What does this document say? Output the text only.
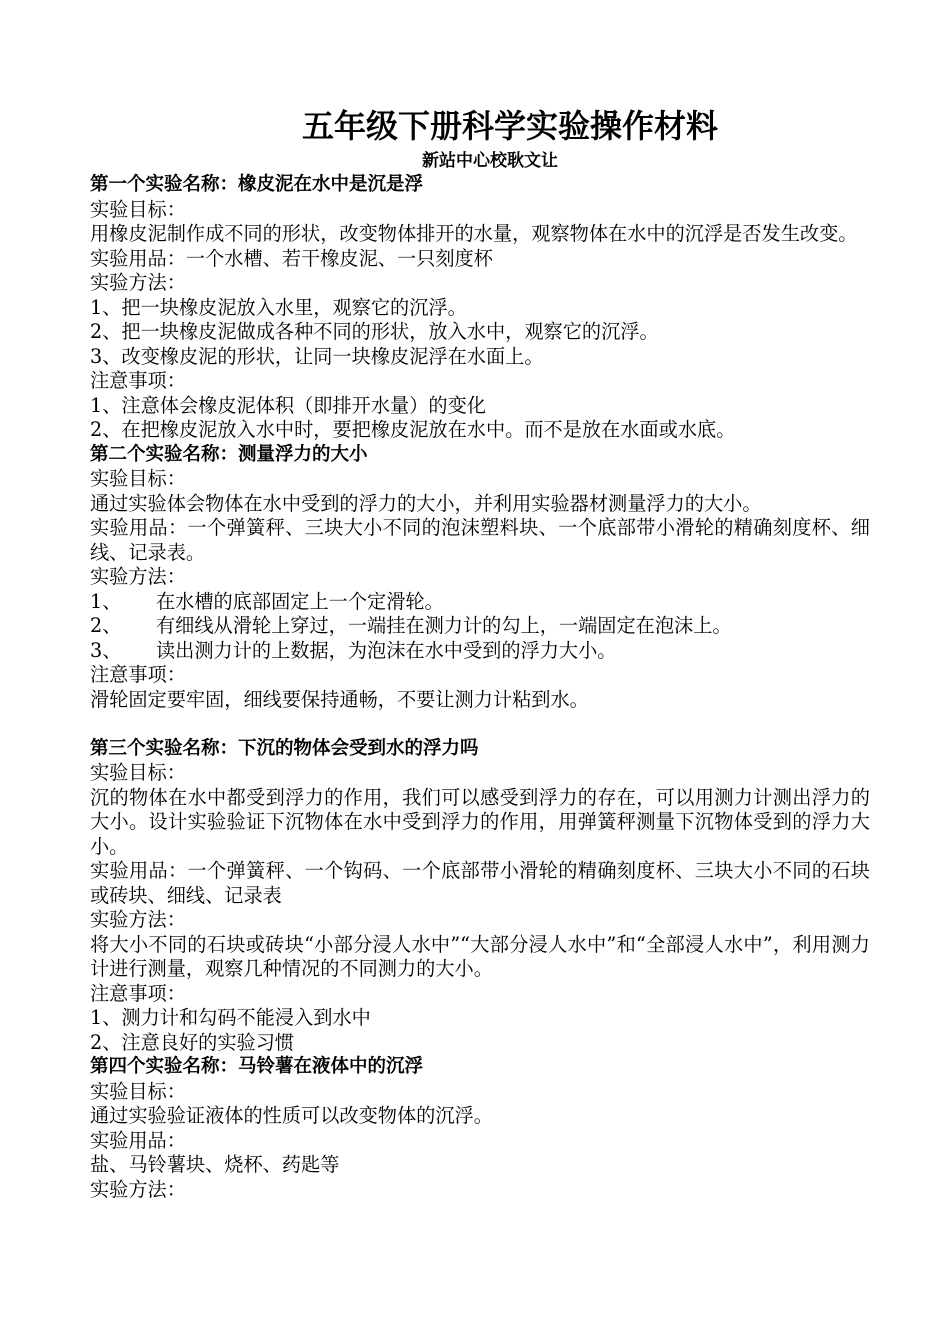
五年级下册科学实验操作材料
新站中心校耿文让
第一个实验名称：橡皮泥在水中是沉是浮
实验目标：
用橡皮泥制作成不同的形状，改变物体排开的水量，观察物体在水中的沉浮是否发生改变。
实验用品：一个水槽、若干橡皮泥、一只刻度杯
实验方法：
1、把一块橡皮泥放入水里，观察它的沉浮。
2、把一块橡皮泥做成各种不同的形状，放入水中，观察它的沉浮。
3、改变橡皮泥的形状，让同一块橡皮泥浮在水面上。
注意事项：
1、注意体会橡皮泥体积（即排开水量）的变化
2、在把橡皮泥放入水中时，要把橡皮泥放在水中。而不是放在水面或水底。
第二个实验名称：测量浮力的大小
实验目标：
通过实验体会物体在水中受到的浮力的大小，并利用实验器材测量浮力的大小。
实验用品：一个弹簧秤、三块大小不同的泡沫塑料块、一个底部带小滑轮的精确刻度杯、细线、记录表。
实验方法：
1、 在水槽的底部固定上一个定滑轮。
2、 有细线从滑轮上穿过，一端挂在测力计的勾上，一端固定在泡沫上。
3、 读出测力计的上数据，为泡沫在水中受到的浮力大小。
注意事项：
滑轮固定要牢固，细线要保持通畅，不要让测力计粘到水。
第三个实验名称：下沉的物体会受到水的浮力吗
实验目标：
沉的物体在水中都受到浮力的作用，我们可以感受到浮力的存在，可以用测力计测出浮力的大小。设计实验验证下沉物体在水中受到浮力的作用，用弹簧秤测量下沉物体受到的浮力大小。
实验用品：一个弹簧秤、一个钩码、一个底部带小滑轮的精确刻度杯、三块大小不同的石块或砖块、细线、记录表
实验方法：
将大小不同的石块或砖块“小部分浸人水中”“大部分浸人水中”和“全部浸人水中”，利用测力计进行测量，观察几种情况的不同测力的大小。
注意事项：
1、测力计和勾码不能浸入到水中
2、注意良好的实验习惯
第四个实验名称：马铃薯在液体中的沉浮
实验目标：
通过实验验证液体的性质可以改变物体的沉浮。
实验用品：
盐、马铃薯块、烧杯、药匙等
实验方法：
